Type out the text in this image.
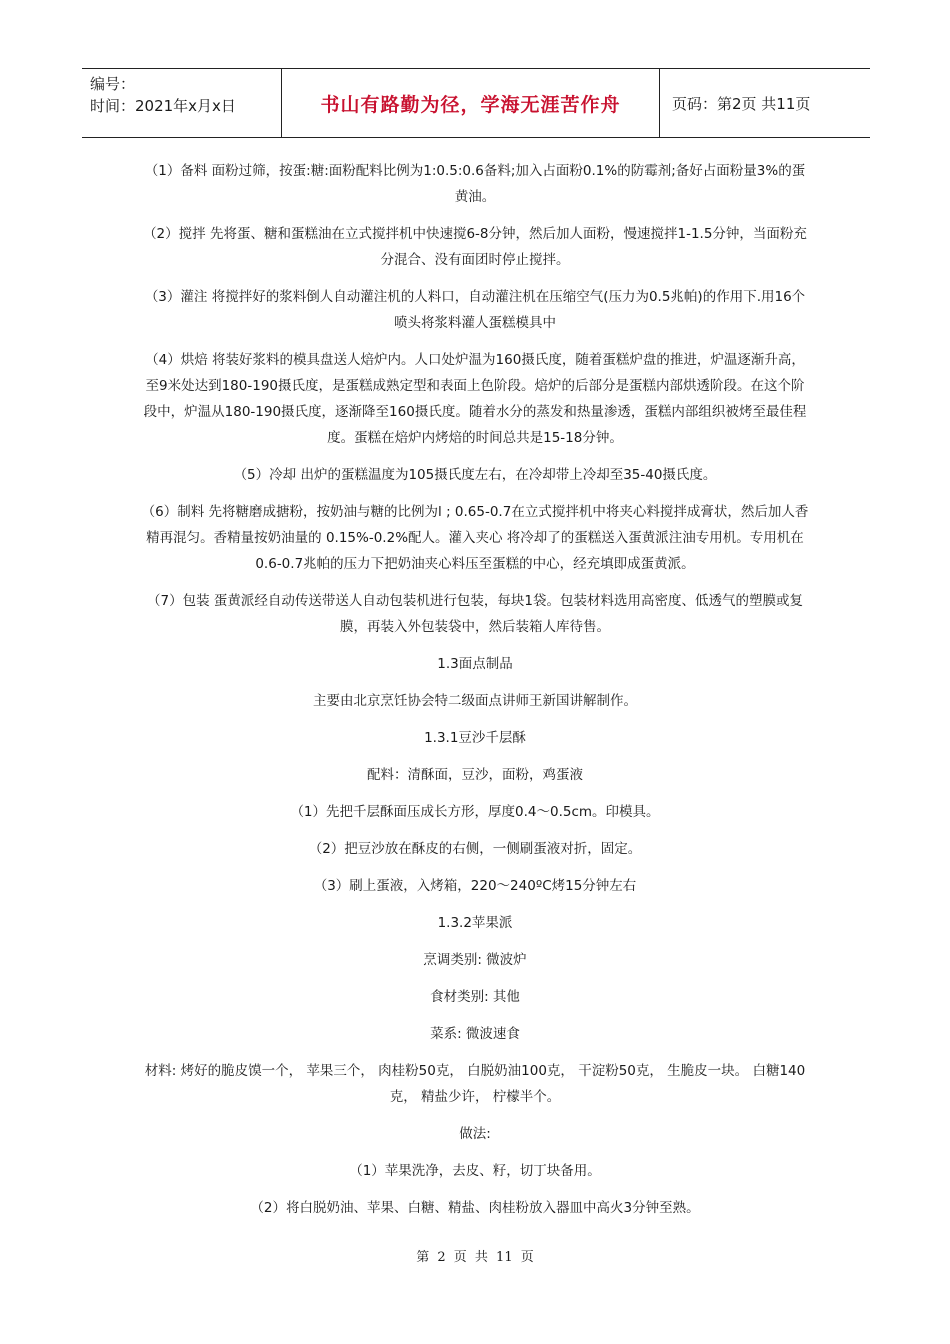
编号：
时间：2021年x月x日	书山有路勤为径，学海无涯苦作舟	页码：第2页 共11页

（1）备料 面粉过筛，按蛋:糖:面粉配料比例为1:0.5:0.6备料;加入占面粉0.1%的防霉剂;备好占面粉量3%的蛋黄油。

（2）搅拌 先将蛋、糖和蛋糕油在立式搅拌机中快速搅6-8分钟，然后加人面粉，慢速搅拌1-1.5分钟，当面粉充分混合、没有面团时停止搅拌。

（3）灌注 将搅拌好的浆料倒人自动灌注机的人料口，自动灌注机在压缩空气(压力为0.5兆帕)的作用下.用16个喷头将浆料灌人蛋糕模具中

（4）烘焙 将装好浆料的模具盘送人焙炉内。人口处炉温为160摄氏度，随着蛋糕炉盘的推进，炉温逐渐升高，至9米处达到180-190摄氏度，是蛋糕成熟定型和表面上色阶段。焙炉的后部分是蛋糕内部烘透阶段。在这个阶段中，炉温从180-190摄氏度，逐渐降至160摄氏度。随着水分的蒸发和热量渗透，蛋糕内部组织被烤至最佳程度。蛋糕在焙炉内烤焙的时间总共是15-18分钟。

（5）冷却 出炉的蛋糕温度为105摄氏度左右，在冷却带上冷却至35-40摄氏度。

（6）制料 先将糖磨成搪粉，按奶油与糖的比例为l ; 0.65-0.7在立式搅拌机中将夹心料搅拌成膏状，然后加人香精再混匀。香精量按奶油量的 0.15%-0.2%配人。灌入夹心 将冷却了的蛋糕送入蛋黄派注油专用机。专用机在0.6-0.7兆帕的压力下把奶油夹心料压至蛋糕的中心，经充填即成蛋黄派。

（7）包装 蛋黄派经自动传送带送人自动包装机进行包装，每块1袋。包装材料选用高密度、低透气的塑膜或复膜，再装入外包装袋中，然后装箱人库待售。

1.3面点制品

主要由北京烹饪协会特二级面点讲师王新国讲解制作。

1.3.1豆沙千层酥

配料：清酥面，豆沙，面粉，鸡蛋液

（1）先把千层酥面压成长方形，厚度0.4～0.5cm。印模具。

（2）把豆沙放在酥皮的右侧，一侧刷蛋液对折，固定。

（3）刷上蛋液，入烤箱，220～240ºC烤15分钟左右

1.3.2苹果派

烹调类别: 微波炉

食材类别: 其他

菜系: 微波速食

材料: 烤好的脆皮馍一个， 苹果三个， 肉桂粉50克， 白脱奶油100克， 干淀粉50克， 生脆皮一块。 白糖140克， 精盐少许， 柠檬半个。

做法:

（1）苹果洗净，去皮、籽，切丁块备用。

（2）将白脱奶油、苹果、白糖、精盐、肉桂粉放入器皿中高火3分钟至熟。

第 2 页 共 11 页
